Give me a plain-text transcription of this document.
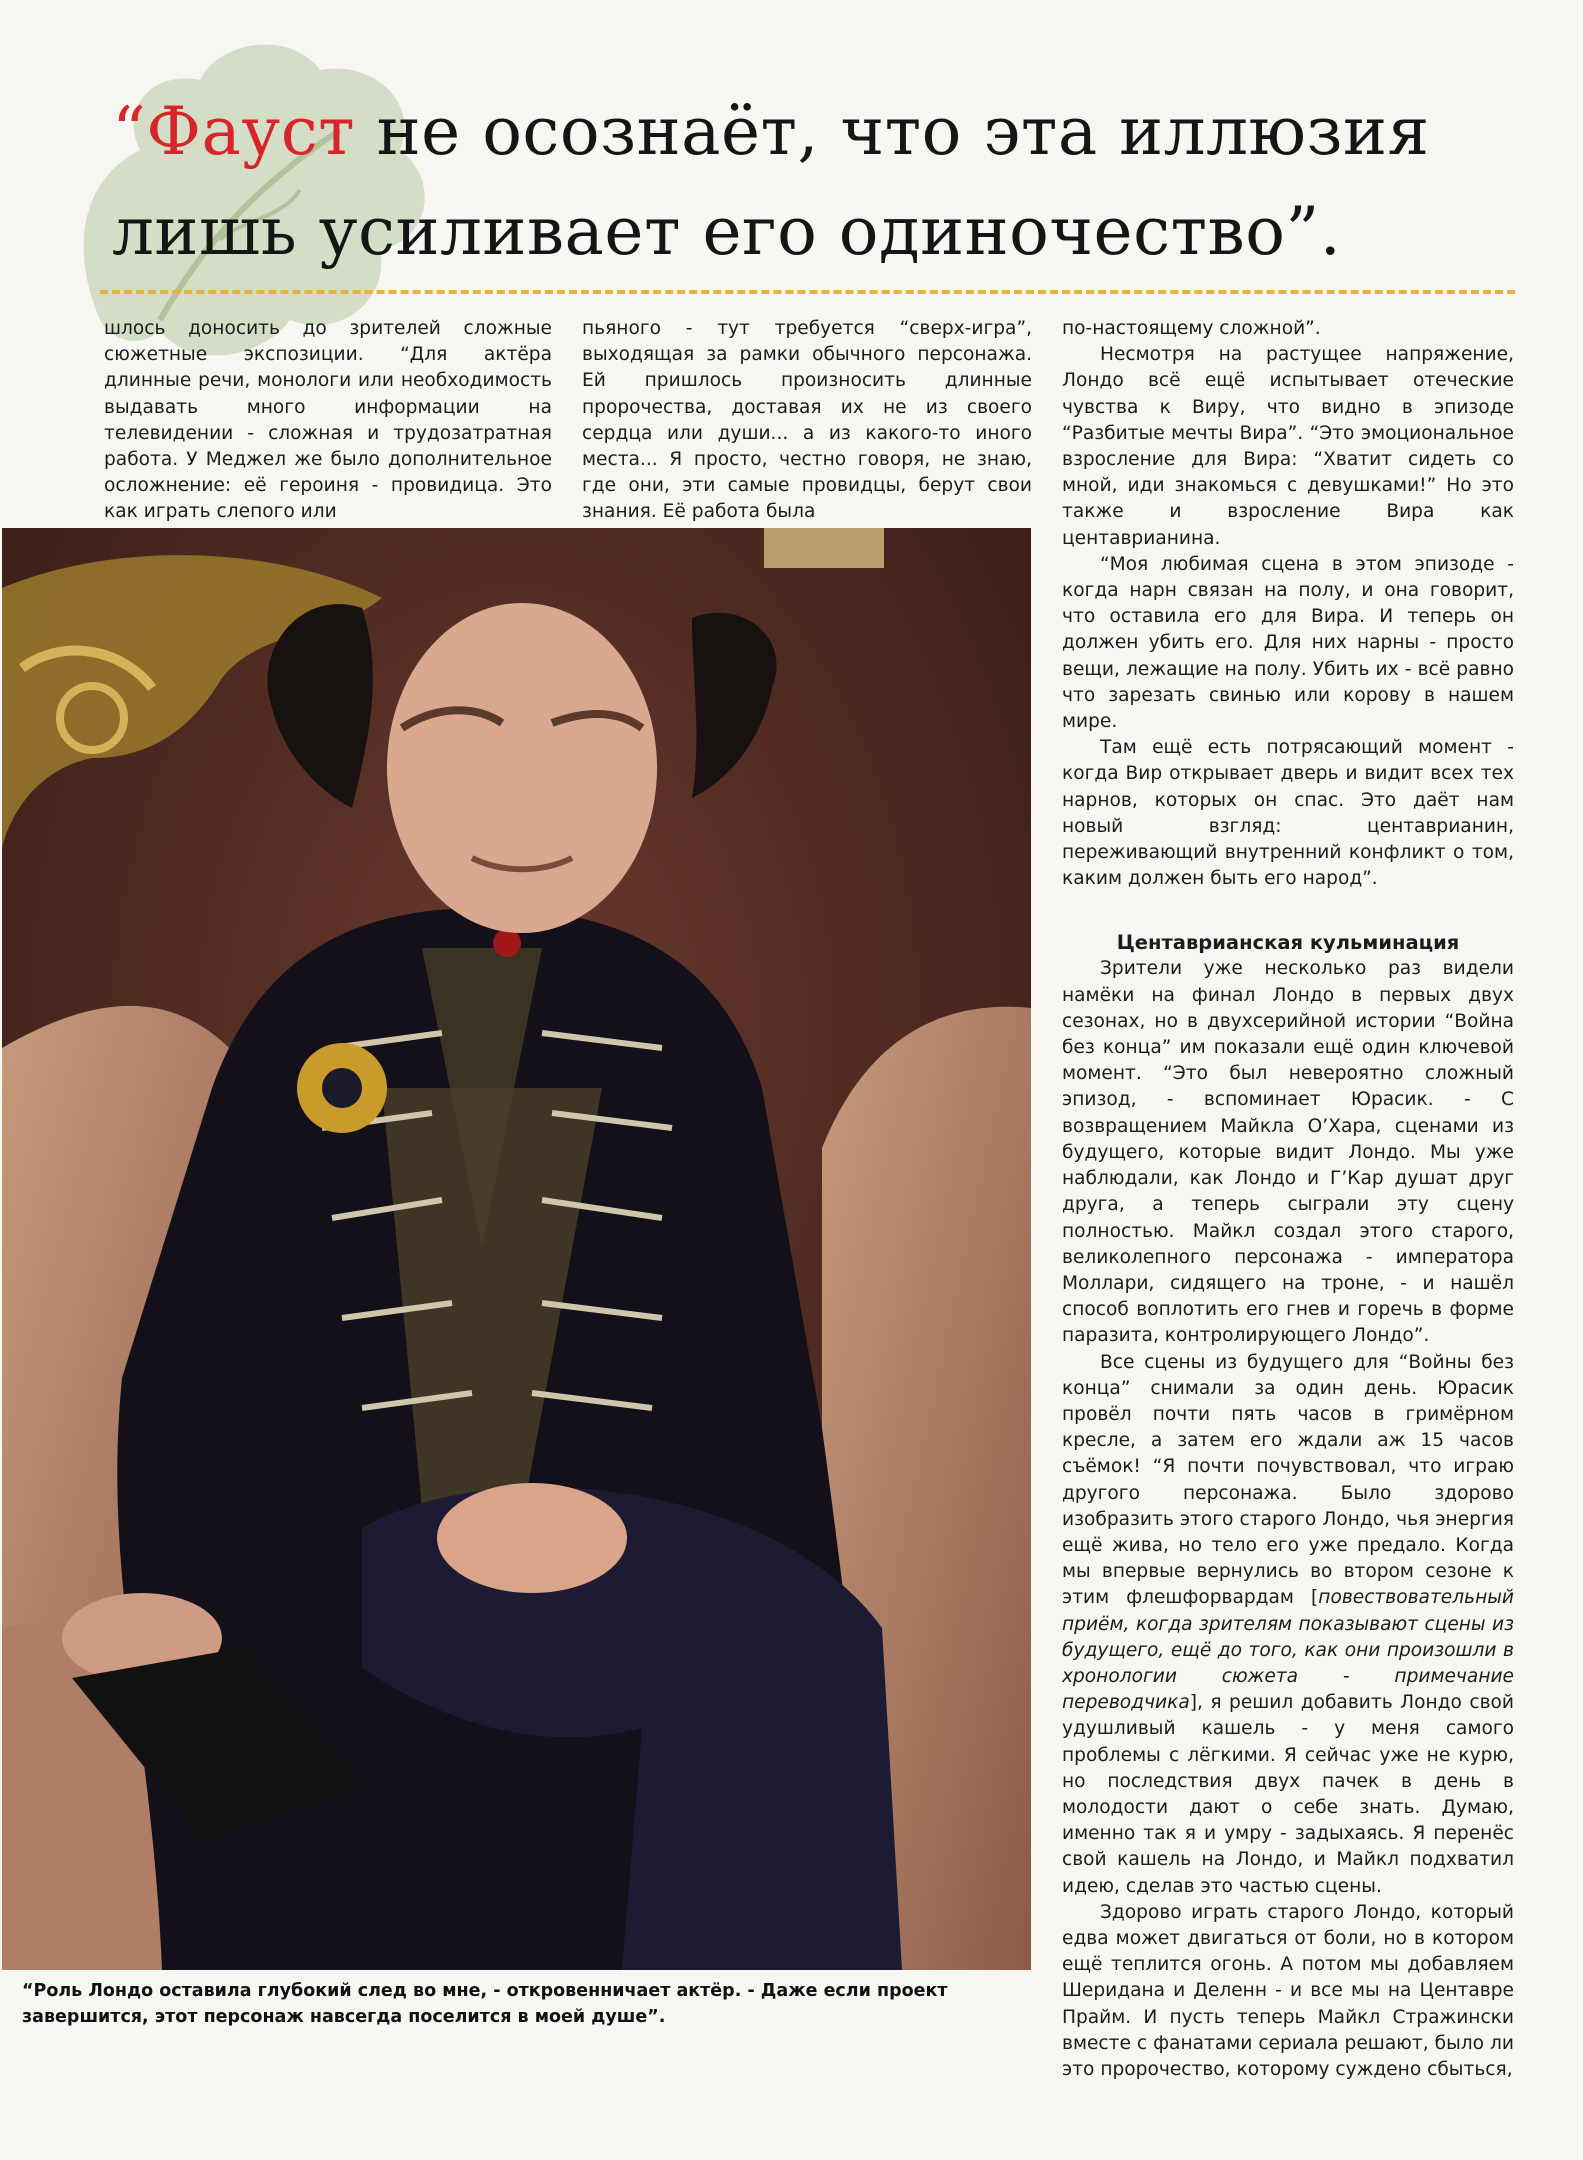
“Фауст не осознаёт, что эта иллюзия
лишь усиливает его одиночество”.

шлось доносить до зрителей сложные сюжетные экспозиции. “Для актёра длинные речи, монологи или необходимость выдавать много информации на телевидении - сложная и трудозатратная работа. У Меджел же было дополнительное осложнение: её героиня - провидица. Это как играть слепого или

пьяного - тут требуется “сверх-игра”, выходящая за рамки обычного персонажа. Ей пришлось произносить длинные пророчества, доставая их не из своего сердца или души... а из какого-то иного места... Я просто, честно говоря, не знаю, где они, эти самые провидцы, берут свои знания. Её работа была

по-настоящему сложной”.

Несмотря на растущее напряжение, Лондо всё ещё испытывает отеческие чувства к Виру, что видно в эпизоде “Разбитые мечты Вира”. “Это эмоциональное взросление для Вира: “Хватит сидеть со мной, иди знакомься с девушками!” Но это также и взросление Вира как центаврианина.

“Моя любимая сцена в этом эпизоде - когда нарн связан на полу, и она говорит, что оставила его для Вира. И теперь он должен убить его. Для них нарны - просто вещи, лежащие на полу. Убить их - всё равно что зарезать свинью или корову в нашем мире.

Там ещё есть потрясающий момент - когда Вир открывает дверь и видит всех тех нарнов, которых он спас. Это даёт нам новый взгляд: центаврианин, переживающий внутренний конфликт о том, каким должен быть его народ”.

Центаврианская кульминация

Зрители уже несколько раз видели намёки на финал Лондо в первых двух сезонах, но в двухсерийной истории “Война без конца” им показали ещё один ключевой момент. “Это был невероятно сложный эпизод, - вспоминает Юрасик. - С возвращением Майкла О’Хара, сценами из будущего, которые видит Лондо. Мы уже наблюдали, как Лондо и Г’Кар душат друг друга, а теперь сыграли эту сцену полностью. Майкл создал этого старого, великолепного персонажа - императора Моллари, сидящего на троне, - и нашёл способ воплотить его гнев и горечь в форме паразита, контролирующего Лондо”.

Все сцены из будущего для “Войны без конца” снимали за один день. Юрасик провёл почти пять часов в гримёрном кресле, а затем его ждали аж 15 часов съёмок! “Я почти почувствовал, что играю другого персонажа. Было здорово изобразить этого старого Лондо, чья энергия ещё жива, но тело его уже предало. Когда мы впервые вернулись во втором сезоне к этим флешфорвардам [повествовательный приём, когда зрителям показывают сцены из будущего, ещё до того, как они произошли в хронологии сюжета - примечание переводчика], я решил добавить Лондо свой удушливый кашель - у меня самого проблемы с лёгкими. Я сейчас уже не курю, но последствия двух пачек в день в молодости дают о себе знать. Думаю, именно так я и умру - задыхаясь. Я перенёс свой кашель на Лондо, и Майкл подхватил идею, сделав это частью сцены.

Здорово играть старого Лондо, который едва может двигаться от боли, но в котором ещё теплится огонь. А потом мы добавляем Шеридана и Деленн - и все мы на Центавре Прайм. И пусть теперь Майкл Стражински вместе с фанатами сериала решают, было ли это пророчество, которому суждено сбыться,

“Роль Лондо оставила глубокий след во мне, - откровенничает актёр. - Даже если проект завершится, этот персонаж навсегда поселится в моей душе”.
